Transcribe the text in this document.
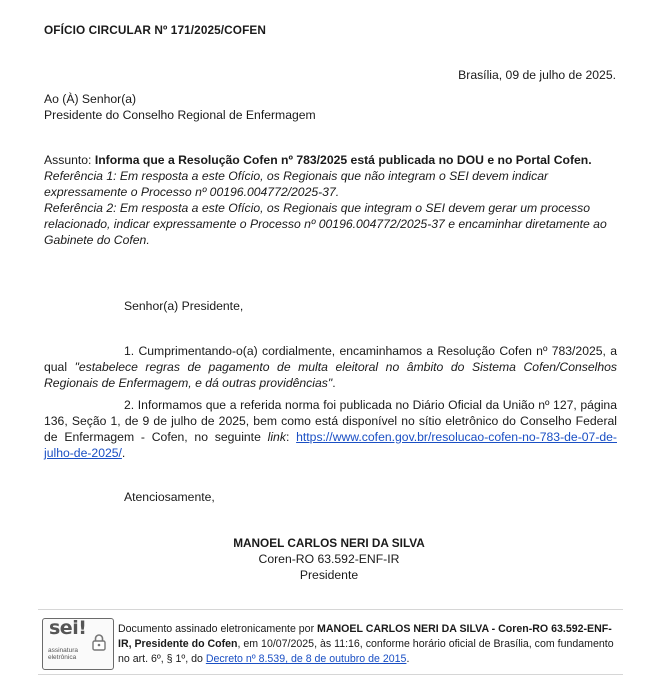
OFÍCIO CIRCULAR Nº 171/2025/COFEN
Brasília, 09 de julho de 2025.
Ao (À) Senhor(a)
Presidente do Conselho Regional de Enfermagem
Assunto: Informa que a Resolução Cofen nº 783/2025 está publicada no DOU e no Portal Cofen.
Referência 1: Em resposta a este Ofício, os Regionais que não integram o SEI devem indicar expressamente o Processo nº 00196.004772/2025-37.
Referência 2: Em resposta a este Ofício, os Regionais que integram o SEI devem gerar um processo relacionado, indicar expressamente o Processo nº 00196.004772/2025-37 e encaminhar diretamente ao Gabinete do Cofen.
Senhor(a) Presidente,
1. Cumprimentando-o(a) cordialmente, encaminhamos a Resolução Cofen nº 783/2025, a qual "estabelece regras de pagamento de multa eleitoral no âmbito do Sistema Cofen/Conselhos Regionais de Enfermagem, e dá outras providências".
2. Informamos que a referida norma foi publicada no Diário Oficial da União nº 127, página 136, Seção 1, de 9 de julho de 2025, bem como está disponível no sítio eletrônico do Conselho Federal de Enfermagem - Cofen, no seguinte link: https://www.cofen.gov.br/resolucao-cofen-no-783-de-07-de-julho-de-2025/.
Atenciosamente,
MANOEL CARLOS NERI DA SILVA
Coren-RO 63.592-ENF-IR
Presidente
sei!
assinatura
eletrônica
Documento assinado eletronicamente por MANOEL CARLOS NERI DA SILVA - Coren-RO 63.592-ENF-IR, Presidente do Cofen, em 10/07/2025, às 11:16, conforme horário oficial de Brasília, com fundamento no art. 6º, § 1º, do Decreto nº 8.539, de 8 de outubro de 2015.
